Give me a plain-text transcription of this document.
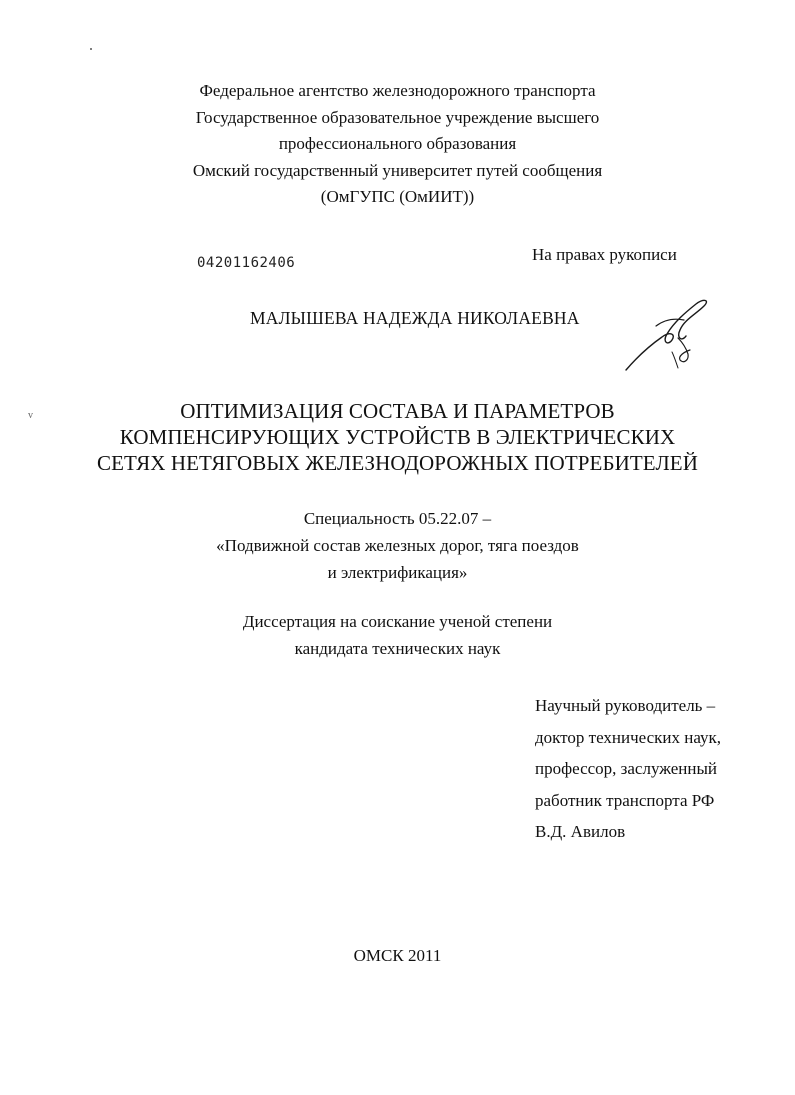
v
Федеральное агентство железнодорожного транспорта
Государственное образовательное учреждение высшего
профессионального образования
Омский государственный университет путей сообщения
(ОмГУПС (ОмИИТ))
04201162406	На правах рукописи
МАЛЫШЕВА НАДЕЖДА НИКОЛАЕВНА
ОПТИМИЗАЦИЯ СОСТАВА И ПАРАМЕТРОВ
КОМПЕНСИРУЮЩИХ УСТРОЙСТВ В ЭЛЕКТРИЧЕСКИХ
СЕТЯХ НЕТЯГОВЫХ ЖЕЛЕЗНОДОРОЖНЫХ ПОТРЕБИТЕЛЕЙ
Специальность 05.22.07 –
«Подвижной состав железных дорог, тяга поездов
и электрификация»
Диссертация на соискание ученой степени
кандидата технических наук
Научный руководитель –
доктор технических наук,
профессор, заслуженный
работник транспорта РФ
В.Д. Авилов
ОМСК 2011
